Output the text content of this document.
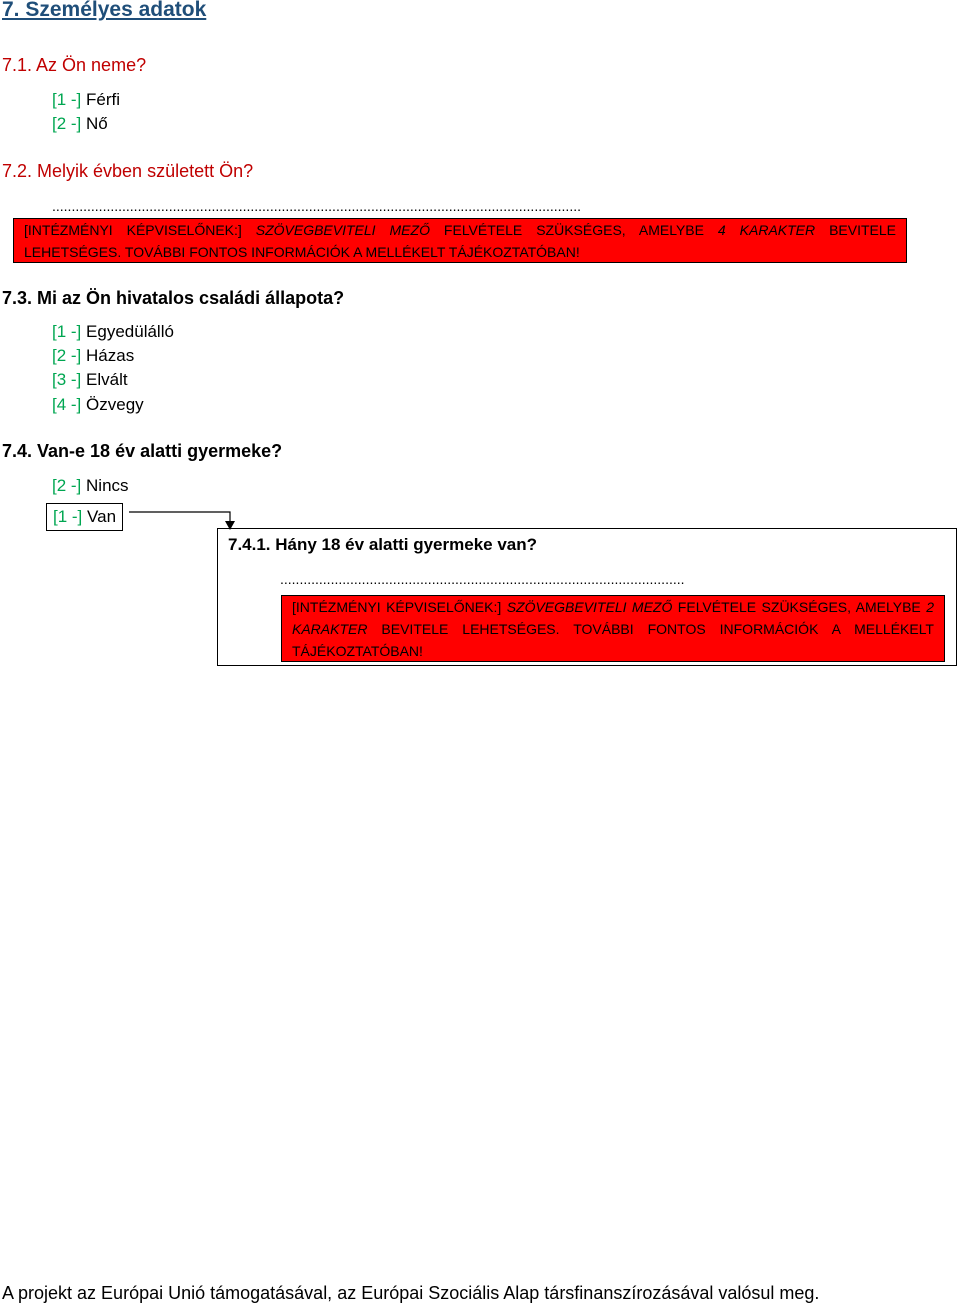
7. Személyes adatok
7.1. Az Ön neme?
[1 -] Férfi
[2 -] Nő
7.2. Melyik évben született Ön?
........................................................................................................................................
[INTÉZMÉNYI KÉPVISELŐNEK:] SZÖVEGBEVITELI MEZŐ FELVÉTELE SZÜKSÉGES, AMELYBE 4 KARAKTER BEVITELE LEHETSÉGES. TOVÁBBI FONTOS INFORMÁCIÓK A MELLÉKELT TÁJÉKOZTATÓBAN!
7.3. Mi az Ön hivatalos családi állapota?
[1 -] Egyedülálló
[2 -] Házas
[3 -] Elvált
[4 -] Özvegy
7.4. Van-e 18 év alatti gyermeke?
[2 -] Nincs
[1 -] Van
7.4.1. Hány 18 év alatti gyermeke van?
........................................................................................................
[INTÉZMÉNYI KÉPVISELŐNEK:] SZÖVEGBEVITELI MEZŐ FELVÉTELE SZÜKSÉGES, AMELYBE 2 KARAKTER BEVITELE LEHETSÉGES. TOVÁBBI FONTOS INFORMÁCIÓK A MELLÉKELT TÁJÉKOZTATÓBAN!
A projekt az Európai Unió támogatásával, az Európai Szociális Alap társfinanszírozásával valósul meg.
